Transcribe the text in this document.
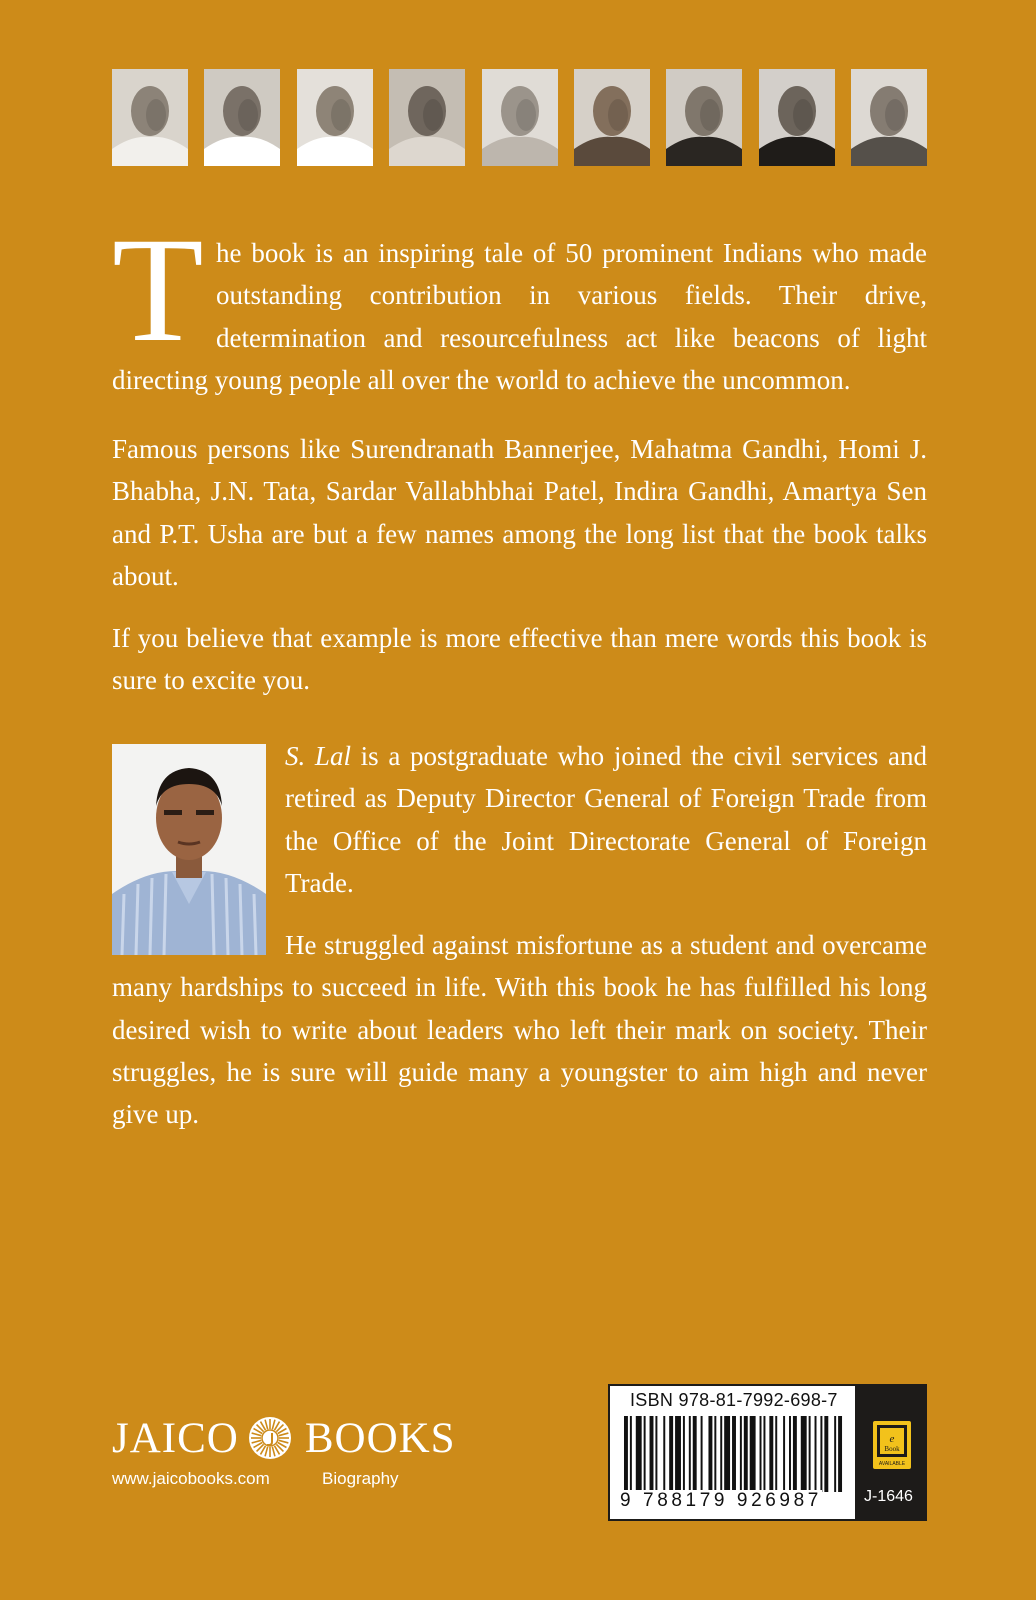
The book is an inspiring tale of 50 prominent Indians who made outstanding contribution in various fields. Their drive, determination and resourcefulness act like beacons of light directing young people all over the world to achieve the uncommon.

Famous persons like Surendranath Bannerjee, Mahatma Gandhi, Homi J. Bhabha, J.N. Tata, Sardar Vallabhbhai Patel, Indira Gandhi, Amartya Sen and P.T. Usha are but a few names among the long list that the book talks about.

If you believe that example is more effective than mere words this book is sure to excite you.

S. Lal is a postgraduate who joined the civil services and retired as Deputy Director General of Foreign Trade from the Office of the Joint Directorate General of Foreign Trade.

He struggled against misfortune as a student and overcame many hardships to succeed in life. With this book he has fulfilled his long desired wish to write about leaders who left their mark on society. Their struggles, he is sure will guide many a youngster to aim high and never give up.

JAICO BOOKS
www.jaicobooks.com	Biography
ISBN 978-81-7992-698-7
9 788179 926987
e
Book
AVAILABLE
J-1646
